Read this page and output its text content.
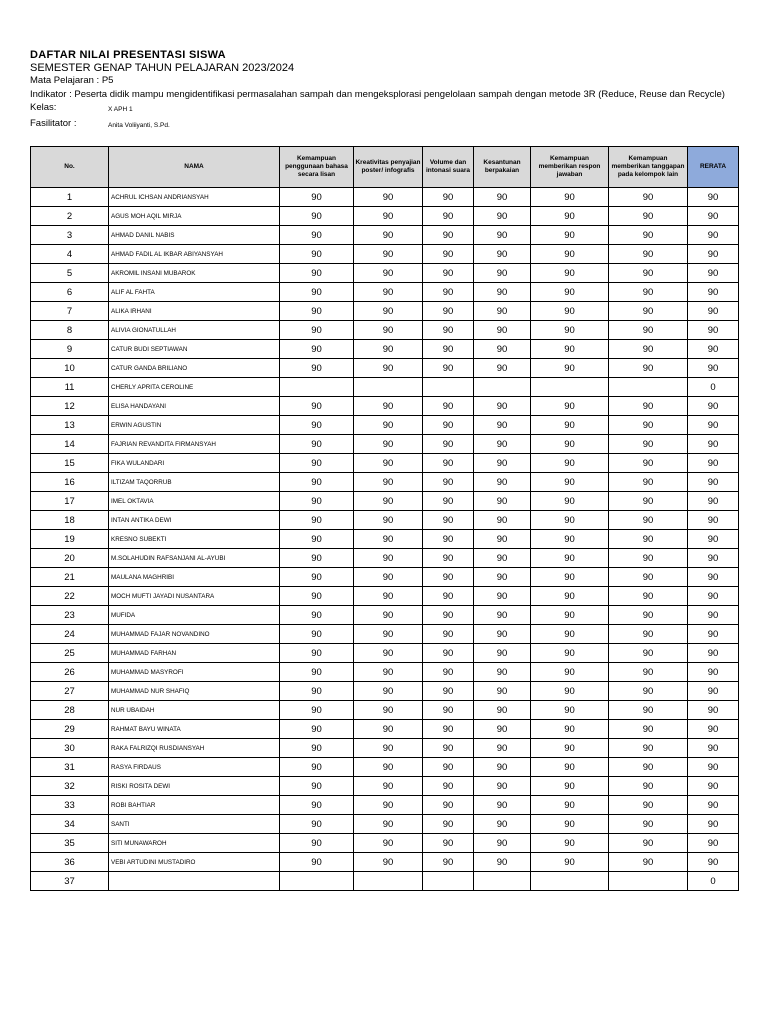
DAFTAR NILAI PRESENTASI SISWA
SEMESTER GENAP TAHUN PELAJARAN 2023/2024
Mata Pelajaran : P5
Indikator : Peserta didik mampu mengidentifikasi permasalahan sampah dan mengeksplorasi pengelolaan sampah dengan metode 3R (Reduce, Reuse dan Recycle)
Kelas:	X APH 1
Fasilitator :	Anita Voliiyanti, S.Pd.
No.	NAMA	Kemampuan penggunaan bahasa secara lisan	Kreativitas penyajian poster/ infografis	Volume dan intonasi suara	Kesantunan berpakaian	Kemampuan memberikan respon jawaban	Kemampuan memberikan tanggapan pada kelompok lain	RERATA
1	ACHRUL ICHSAN ANDRIANSYAH	90	90	90	90	90	90	90
2	AGUS MOH AQIL MIRJA	90	90	90	90	90	90	90
3	AHMAD DANIL NABIS	90	90	90	90	90	90	90
4	AHMAD FADIL AL IKBAR ABIYANSYAH	90	90	90	90	90	90	90
5	AKROMIL INSANI MUBAROK	90	90	90	90	90	90	90
6	ALIF AL FAHTA	90	90	90	90	90	90	90
7	ALIKA IRHANI	90	90	90	90	90	90	90
8	ALIVIA GIONATULLAH	90	90	90	90	90	90	90
9	CATUR BUDI SEPTIAWAN	90	90	90	90	90	90	90
10	CATUR GANDA BRILIANO	90	90	90	90	90	90	90
11	CHERLY APRITA CEROLINE							0
12	ELISA HANDAYANI	90	90	90	90	90	90	90
13	ERWIN AGUSTIN	90	90	90	90	90	90	90
14	FAJRIAN REVANDITA FIRMANSYAH	90	90	90	90	90	90	90
15	FIKA WULANDARI	90	90	90	90	90	90	90
16	ILTIZAM TAQORRUB	90	90	90	90	90	90	90
17	IMEL OKTAVIA	90	90	90	90	90	90	90
18	INTAN ANTIKA DEWI	90	90	90	90	90	90	90
19	KRESNO SUBEKTI	90	90	90	90	90	90	90
20	M.SOLAHUDIN RAFSANJANI AL-AYUBI	90	90	90	90	90	90	90
21	MAULANA MAGHRIBI	90	90	90	90	90	90	90
22	MOCH MUFTI JAYADI NUSANTARA	90	90	90	90	90	90	90
23	MUFIDA	90	90	90	90	90	90	90
24	MUHAMMAD FAJAR NOVANDINO	90	90	90	90	90	90	90
25	MUHAMMAD FARHAN	90	90	90	90	90	90	90
26	MUHAMMAD MASYROFI	90	90	90	90	90	90	90
27	MUHAMMAD NUR SHAFIQ	90	90	90	90	90	90	90
28	NUR UBAIDAH	90	90	90	90	90	90	90
29	RAHMAT BAYU WINATA	90	90	90	90	90	90	90
30	RAKA FALRIZQI RUSDIANSYAH	90	90	90	90	90	90	90
31	RASYA FIRDAUS	90	90	90	90	90	90	90
32	RISKI ROSITA DEWI	90	90	90	90	90	90	90
33	ROBI BAHTIAR	90	90	90	90	90	90	90
34	SANTI	90	90	90	90	90	90	90
35	SITI MUNAWAROH	90	90	90	90	90	90	90
36	VEBI ARTUDINI MUSTADIRO	90	90	90	90	90	90	90
37								0
